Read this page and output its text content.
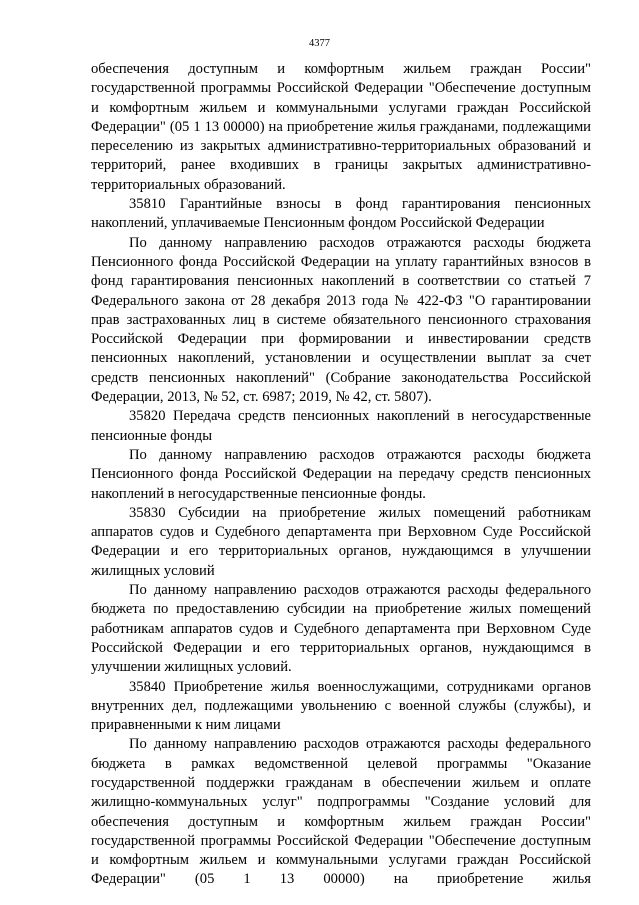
4377

обеспечения доступным и комфортным жильем граждан России" государственной программы Российской Федерации "Обеспечение доступным и комфортным жильем и коммунальными услугами граждан Российской Федерации" (05 1 13 00000) на приобретение жилья гражданами, подлежащими переселению из закрытых административно-территориальных образований и территорий, ранее входивших в границы закрытых административно-территориальных образований.

35810 Гарантийные взносы в фонд гарантирования пенсионных накоплений, уплачиваемые Пенсионным фондом Российской Федерации

По данному направлению расходов отражаются расходы бюджета Пенсионного фонда Российской Федерации на уплату гарантийных взносов в фонд гарантирования пенсионных накоплений в соответствии со статьей 7 Федерального закона от 28 декабря 2013 года № 422-ФЗ "О гарантировании прав застрахованных лиц в системе обязательного пенсионного страхования Российской Федерации при формировании и инвестировании средств пенсионных накоплений, установлении и осуществлении выплат за счет средств пенсионных накоплений" (Собрание законодательства Российской Федерации, 2013, № 52, ст. 6987; 2019, № 42, ст. 5807).

35820 Передача средств пенсионных накоплений в негосударственные пенсионные фонды

По данному направлению расходов отражаются расходы бюджета Пенсионного фонда Российской Федерации на передачу средств пенсионных накоплений в негосударственные пенсионные фонды.

35830 Субсидии на приобретение жилых помещений работникам аппаратов судов и Судебного департамента при Верховном Суде Российской Федерации и его территориальных органов, нуждающимся в улучшении жилищных условий

По данному направлению расходов отражаются расходы федерального бюджета по предоставлению субсидии на приобретение жилых помещений работникам аппаратов судов и Судебного департамента при Верховном Суде Российской Федерации и его территориальных органов, нуждающимся в улучшении жилищных условий.

35840 Приобретение жилья военнослужащими, сотрудниками органов внутренних дел, подлежащими увольнению с военной службы (службы), и приравненными к ним лицами

По данному направлению расходов отражаются расходы федерального бюджета в рамках ведомственной целевой программы "Оказание государственной поддержки гражданам в обеспечении жильем и оплате жилищно-коммунальных услуг" подпрограммы "Создание условий для обеспечения доступным и комфортным жильем граждан России" государственной программы Российской Федерации "Обеспечение доступным и комфортным жильем и коммунальными услугами граждан Российской Федерации" (05 1 13 00000) на приобретение жилья
